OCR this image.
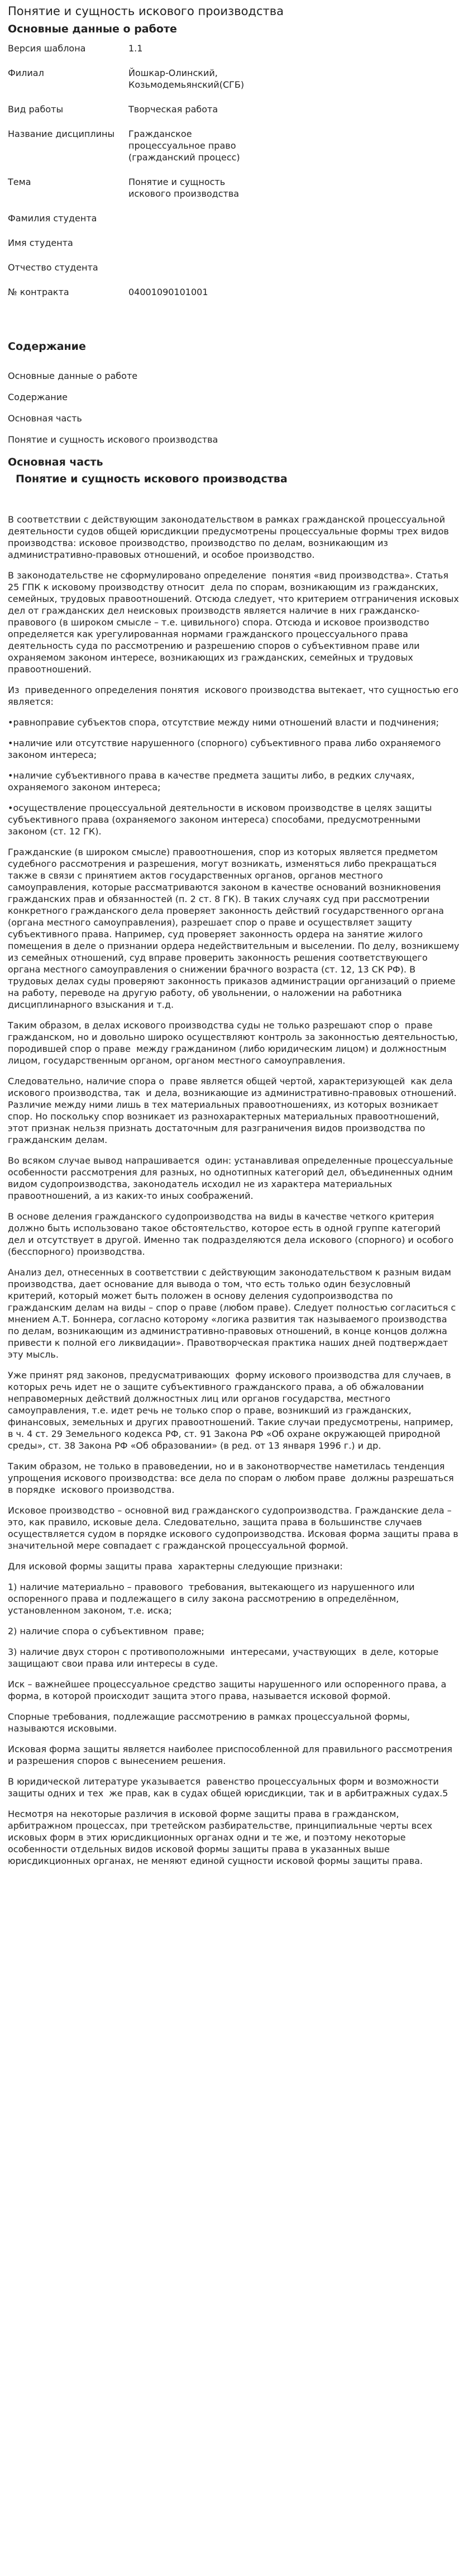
Понятие и сущность искового производства
Основные данные о работе
Версия шаблона	1.1
Филиал	Йошкар-Олинский, Козьмодемьянский(СГБ)
Вид работы	Творческая работа
Название дисциплины	Гражданское процессуальное право (гражданский процесс)
Тема	Понятие и сущность искового производства
Фамилия студента	
Имя студента	
Отчество студента	
№ контракта	04001090101001
Содержание
Основные данные о работе
Содержание
Основная часть
Понятие и сущность искового производства
Основная часть
Понятие и сущность искового производства

В соответствии с действующим законодательством в рамках гражданской процессуальной деятельности судов общей юрисдикции предусмотрены процессуальные формы трех видов производства: исковое производство, производство по делам, возникающим из административно-правовых отношений, и особое производство.

В законодательстве не сформулировано определение  понятия «вид производства». Статья 25 ГПК к исковому производству относит  дела по спорам, возникающим из гражданских, семейных, трудовых правоотношений. Отсюда следует, что критерием отграничения исковых дел от гражданских дел неисковых производств является наличие в них гражданско-правового (в широком смысле – т.е. цивильного) спора. Отсюда и исковое производство определяется как урегулированная нормами гражданского процессуального права деятельность суда по рассмотрению и разрешению споров о субъективном праве или охраняемом законом интересе, возникающих из гражданских, семейных и трудовых правоотношений.

Из  приведенного определения понятия  искового производства вытекает, что сущностью его является:

•равноправие субъектов спора, отсутствие между ними отношений власти и подчинения;

•наличие или отсутствие нарушенного (спорного) субъективного права либо охраняемого законом интереса;

•наличие субъективного права в качестве предмета защиты либо, в редких случаях, охраняемого законом интереса;

•осуществление процессуальной деятельности в исковом производстве в целях защиты субъективного права (охраняемого законом интереса) способами, предусмотренными законом (ст. 12 ГК).

Гражданские (в широком смысле) правоотношения, спор из которых является предметом судебного рассмотрения и разрешения, могут возникать, изменяться либо прекращаться также в связи с принятием актов государственных органов, органов местного самоуправления, которые рассматриваются законом в качестве оснований возникновения гражданских прав и обязанностей (п. 2 ст. 8 ГК). В таких случаях суд при рассмотрении конкретного гражданского дела проверяет законность действий государственного органа (органа местного самоуправления), разрешает спор о праве и осуществляет защиту субъективного права. Например, суд проверяет законность ордера на занятие жилого помещения в деле о признании ордера недействительным и выселении. По делу, возникшему из семейных отношений, суд вправе проверить законность решения соответствующего органа местного самоуправления о снижении брачного возраста (ст. 12, 13 СК РФ). В трудовых делах суды проверяют законность приказов администрации организаций о приеме на работу, переводе на другую работу, об увольнении, о наложении на работника дисциплинарного взыскания и т.д.

Таким образом, в делах искового производства суды не только разрешают спор о  праве гражданском, но и довольно широко осуществляют контроль за законностью деятельностью, породившей спор о праве  между гражданином (либо юридическим лицом) и должностным лицом, государственным органом, органом местного самоуправления.

Следовательно, наличие спора о  праве является общей чертой, характеризующей  как дела искового производства, так  и дела, возникающие из административно-правовых отношений. Различие между ними лишь в тех материальных правоотношениях, из которых возникает спор. Но поскольку спор возникает из разнохарактерных материальных правоотношений, этот признак нельзя признать достаточным для разграничения видов производства по гражданским делам.

Во всяком случае вывод напрашивается  один: устанавливая определенные процессуальные особенности рассмотрения для разных, но однотипных категорий дел, объединенных одним видом судопроизводства, законодатель исходил не из характера материальных правоотношений, а из каких-то иных соображений.

В основе деления гражданского судопроизводства на виды в качестве четкого критерия должно быть использовано такое обстоятельство, которое есть в одной группе категорий дел и отсутствует в другой. Именно так подразделяются дела искового (спорного) и особого (бесспорного) производства.

Анализ дел, отнесенных в соответствии с действующим законодательством к разным видам производства, дает основание для вывода о том, что есть только один безусловный критерий, который может быть положен в основу деления судопроизводства по гражданским делам на виды – спор о праве (любом праве). Следует полностью согласиться с мнением А.Т. Боннера, согласно которому «логика развития так называемого производства по делам, возникающим из административно-правовых отношений, в конце концов должна привести к полной его ликвидации». Правотворческая практика наших дней подтверждает эту мысль.

Уже принят ряд законов, предусматривающих  форму искового производства для случаев, в которых речь идет не о защите субъективного гражданского права, а об обжаловании неправомерных действий должностных лиц или органов государства, местного самоуправления, т.е. идет речь не только спор о праве, возникший из гражданских, финансовых, земельных и других правоотношений. Такие случаи предусмотрены, например, в ч. 4 ст. 29 Земельного кодекса РФ, ст. 91 Закона РФ «Об охране окружающей природной среды», ст. 38 Закона РФ «Об образовании» (в ред. от 13 января 1996 г.) и др.

Таким образом, не только в правоведении, но и в законотворчестве наметилась тенденция упрощения искового производства: все дела по спорам о любом праве  должны разрешаться в порядке  искового производства.

Исковое производство – основной вид гражданского судопроизводства. Гражданские дела – это, как правило, исковые дела. Следовательно, защита права в большинстве случаев осуществляется судом в порядке искового судопроизводства. Исковая форма защиты права в значительной мере совпадает с гражданской процессуальной формой.

Для исковой формы защиты права  характерны следующие признаки:

1) наличие материально – правового  требования, вытекающего из нарушенного или оспоренного права и подлежащего в силу закона рассмотрению в определённом, установленном законом, т.е. иска;

2) наличие спора о субъективном  праве;

3) наличие двух сторон с противоположными  интересами, участвующих  в деле, которые защищают свои права или интересы в суде.

Иск – важнейшее процессуальное средство защиты нарушенного или оспоренного права, а форма, в которой происходит защита этого права, называется исковой формой.

Спорные требования, подлежащие рассмотрению в рамках процессуальной формы, называются исковыми.

Исковая форма защиты является наиболее приспособленной для правильного рассмотрения и разрешения споров с вынесением решения.

В юридической литературе указывается  равенство процессуальных форм и возможности защиты одних и тех  же прав, как в судах общей юрисдикции, так и в арбитражных судах.5

Несмотря на некоторые различия в исковой форме защиты права в гражданском, арбитражном процессах, при третейском разбирательстве, принципиальные черты всех исковых форм в этих юрисдикционных органах одни и те же, и поэтому некоторые особенности отдельных видов исковой формы защиты права в указанных выше юрисдикционных органах, не меняют единой сущности исковой формы защиты права.
